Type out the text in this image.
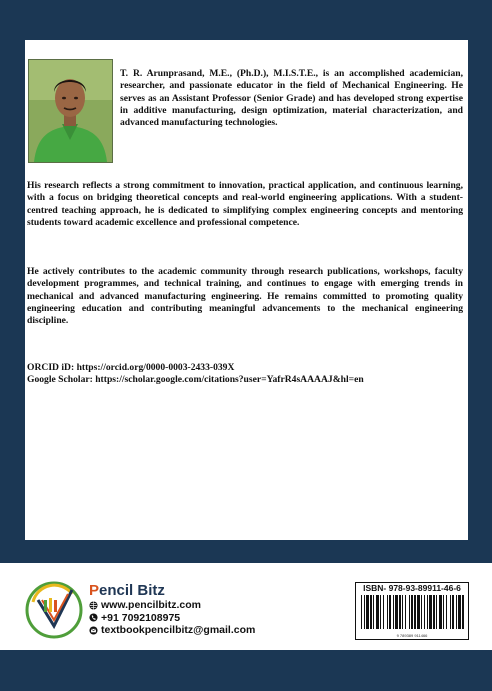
T. R. Arunprasand, M.E., (Ph.D.), M.I.S.T.E., is an accomplished academician, researcher, and passionate educator in the field of Mechanical Engineering. He serves as an Assistant Professor (Senior Grade) and has developed strong expertise in additive manufacturing, design optimization, material characterization, and advanced manufacturing technologies.

His research reflects a strong commitment to innovation, practical application, and continuous learning, with a focus on bridging theoretical concepts and real-world engineering applications. With a student-centred teaching approach, he is dedicated to simplifying complex engineering concepts and mentoring students toward academic excellence and professional competence.

He actively contributes to the academic community through research publications, workshops, faculty development programmes, and technical training, and continues to engage with emerging trends in mechanical and advanced manufacturing engineering. He remains committed to promoting quality engineering education and contributing meaningful advancements to the mechanical engineering discipline.

ORCID iD: https://orcid.org/0000-0003-2433-039X
Google Scholar: https://scholar.google.com/citations?user=YafrR4sAAAAJ&hl=en
Pencil Bitz
www.pencilbitz.com
+91 7092108975
textbookpencilbitz@gmail.com
ISBN- 978-93-89911-46-6
9 789389 911466
